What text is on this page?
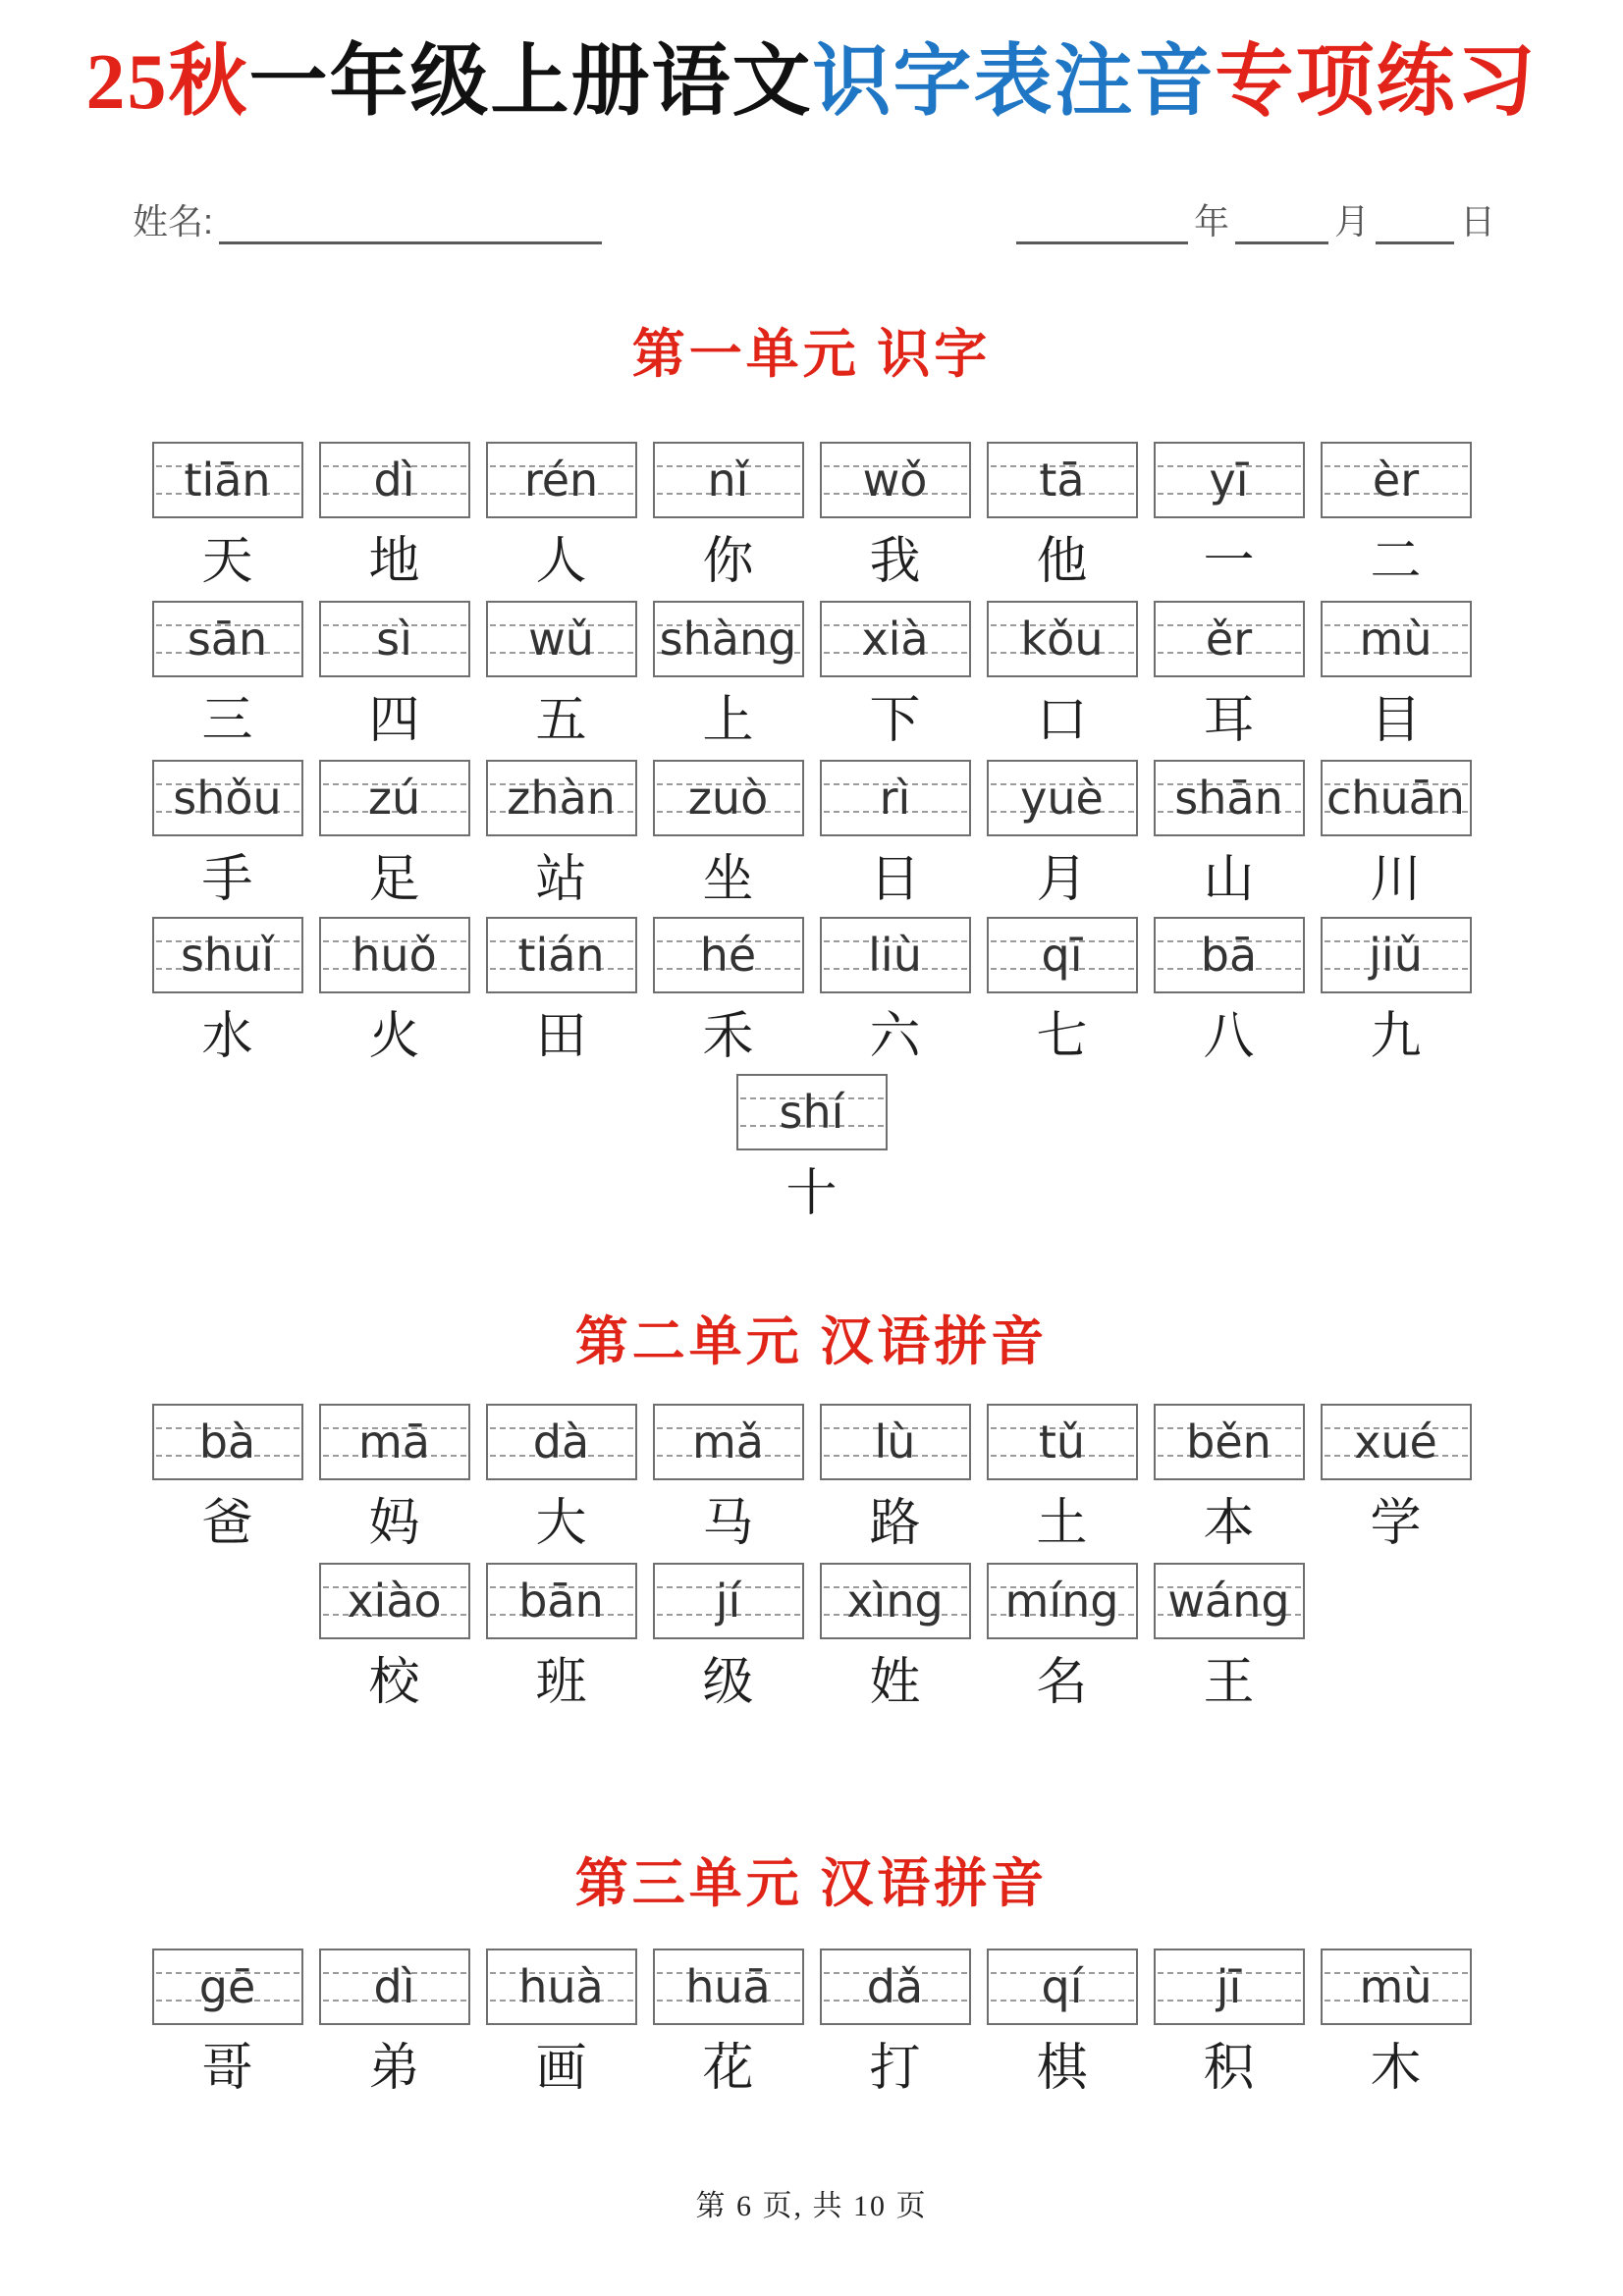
25秋一年级上册语文识字表注音专项练习
姓名:	年	月	日
第一单元 识字
tiān dì rén nǐ	wǒ tā	yī	èr
天	地	人	你	我	他	一	二
sān sì	wǔ shàng xià kǒu ěr mù
三	四	五	上	下	口	耳	目
shǒu zú zhàn zuò rì yuè shān chuān
手	足	站	坐	日	月	山	川
shuǐ huǒ tián hé liù	qī	bā jiǔ
水	火	田	禾	六	七	八	九
shí
十
第二单元 汉语拼音
bà mā dà mǎ lù	tǔ běn xué
爸	妈	大	马	路	土	本	学
xiào bān jí xìng míng wáng
校	班	级	姓	名	王
第三单元 汉语拼音
gē	dì huà huā dǎ	qí	jī	mù
哥	弟	画	花	打	棋	积	木
第 6 页, 共 10 页
